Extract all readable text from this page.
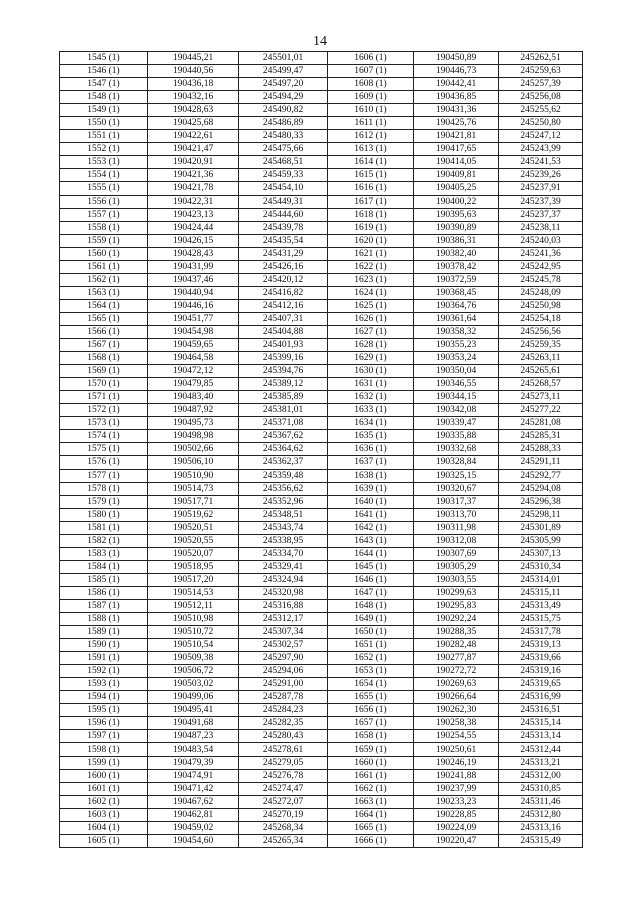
14
1545 (1)	190445,21	245501,01	1606 (1)	190450,89	245262,51
1546 (1)	190440,56	245499,47	1607 (1)	190446,73	245259,63
1547 (1)	190436,18	245497,20	1608 (1)	190442,41	245257,39
1548 (1)	190432,16	245494,29	1609 (1)	190436,85	245256,08
1549 (1)	190428,63	245490,82	1610 (1)	190431,36	245255,62
1550 (1)	190425,68	245486,89	1611 (1)	190425,76	245250,80
1551 (1)	190422,61	245480,33	1612 (1)	190421,81	245247,12
1552 (1)	190421,47	245475,66	1613 (1)	190417,65	245243,99
1553 (1)	190420,91	245468,51	1614 (1)	190414,05	245241,53
1554 (1)	190421,36	245459,33	1615 (1)	190409,81	245239,26
1555 (1)	190421,78	245454,10	1616 (1)	190405,25	245237,91
1556 (1)	190422,31	245449,31	1617 (1)	190400,22	245237,39
1557 (1)	190423,13	245444,60	1618 (1)	190395,63	245237,37
1558 (1)	190424,44	245439,78	1619 (1)	190390,89	245238,11
1559 (1)	190426,15	245435,54	1620 (1)	190386,31	245240,03
1560 (1)	190428,43	245431,29	1621 (1)	190382,40	245241,36
1561 (1)	190431,99	245426,16	1622 (1)	190378,42	245242,95
1562 (1)	190437,46	245420,12	1623 (1)	190372,59	245245,78
1563 (1)	190440,94	245416,82	1624 (1)	190368,45	245248,09
1564 (1)	190446,16	245412,16	1625 (1)	190364,76	245250,98
1565 (1)	190451,77	245407,31	1626 (1)	190361,64	245254,18
1566 (1)	190454,98	245404,88	1627 (1)	190358,32	245256,56
1567 (1)	190459,65	245401,93	1628 (1)	190355,23	245259,35
1568 (1)	190464,58	245399,16	1629 (1)	190353,24	245263,11
1569 (1)	190472,12	245394,76	1630 (1)	190350,04	245265,61
1570 (1)	190479,85	245389,12	1631 (1)	190346,55	245268,57
1571 (1)	190483,40	245385,89	1632 (1)	190344,15	245273,11
1572 (1)	190487,92	245381,01	1633 (1)	190342,08	245277,22
1573 (1)	190495,73	245371,08	1634 (1)	190339,47	245281,08
1574 (1)	190498,98	245367,62	1635 (1)	190335,88	245285,31
1575 (1)	190502,66	245364,62	1636 (1)	190332,68	245288,33
1576 (1)	190506,10	245362,37	1637 (1)	190328,84	245291,11
1577 (1)	190510,90	245359,48	1638 (1)	190325,15	245292,77
1578 (1)	190514,73	245356,62	1639 (1)	190320,67	245294,08
1579 (1)	190517,71	245352,96	1640 (1)	190317,37	245296,38
1580 (1)	190519,62	245348,51	1641 (1)	190313,70	245298,11
1581 (1)	190520,51	245343,74	1642 (1)	190311,98	245301,89
1582 (1)	190520,55	245338,95	1643 (1)	190312,08	245305,99
1583 (1)	190520,07	245334,70	1644 (1)	190307,69	245307,13
1584 (1)	190518,95	245329,41	1645 (1)	190305,29	245310,34
1585 (1)	190517,20	245324,94	1646 (1)	190303,55	245314,01
1586 (1)	190514,53	245320,98	1647 (1)	190299,63	245315,11
1587 (1)	190512,11	245316,88	1648 (1)	190295,83	245313,49
1588 (1)	190510,98	245312,17	1649 (1)	190292,24	245315,75
1589 (1)	190510,72	245307,34	1650 (1)	190288,35	245317,78
1590 (1)	190510,54	245302,57	1651 (1)	190282,48	245319,13
1591 (1)	190509,38	245297,90	1652 (1)	190277,87	245319,66
1592 (1)	190506,72	245294,06	1653 (1)	190272,72	245319,16
1593 (1)	190503,02	245291,00	1654 (1)	190269,63	245319,65
1594 (1)	190499,06	245287,78	1655 (1)	190266,64	245316,99
1595 (1)	190495,41	245284,23	1656 (1)	190262,30	245316,51
1596 (1)	190491,68	245282,35	1657 (1)	190258,38	245315,14
1597 (1)	190487,23	245280,43	1658 (1)	190254,55	245313,14
1598 (1)	190483,54	245278,61	1659 (1)	190250,61	245312,44
1599 (1)	190479,39	245279,05	1660 (1)	190246,19	245313,21
1600 (1)	190474,91	245276,78	1661 (1)	190241,88	245312,00
1601 (1)	190471,42	245274,47	1662 (1)	190237,99	245310,85
1602 (1)	190467,62	245272,07	1663 (1)	190233,23	245311,46
1603 (1)	190462,81	245270,19	1664 (1)	190228,85	245312,80
1604 (1)	190459,02	245268,34	1665 (1)	190224,09	245313,16
1605 (1)	190454,60	245265,34	1666 (1)	190220,47	245315,49
